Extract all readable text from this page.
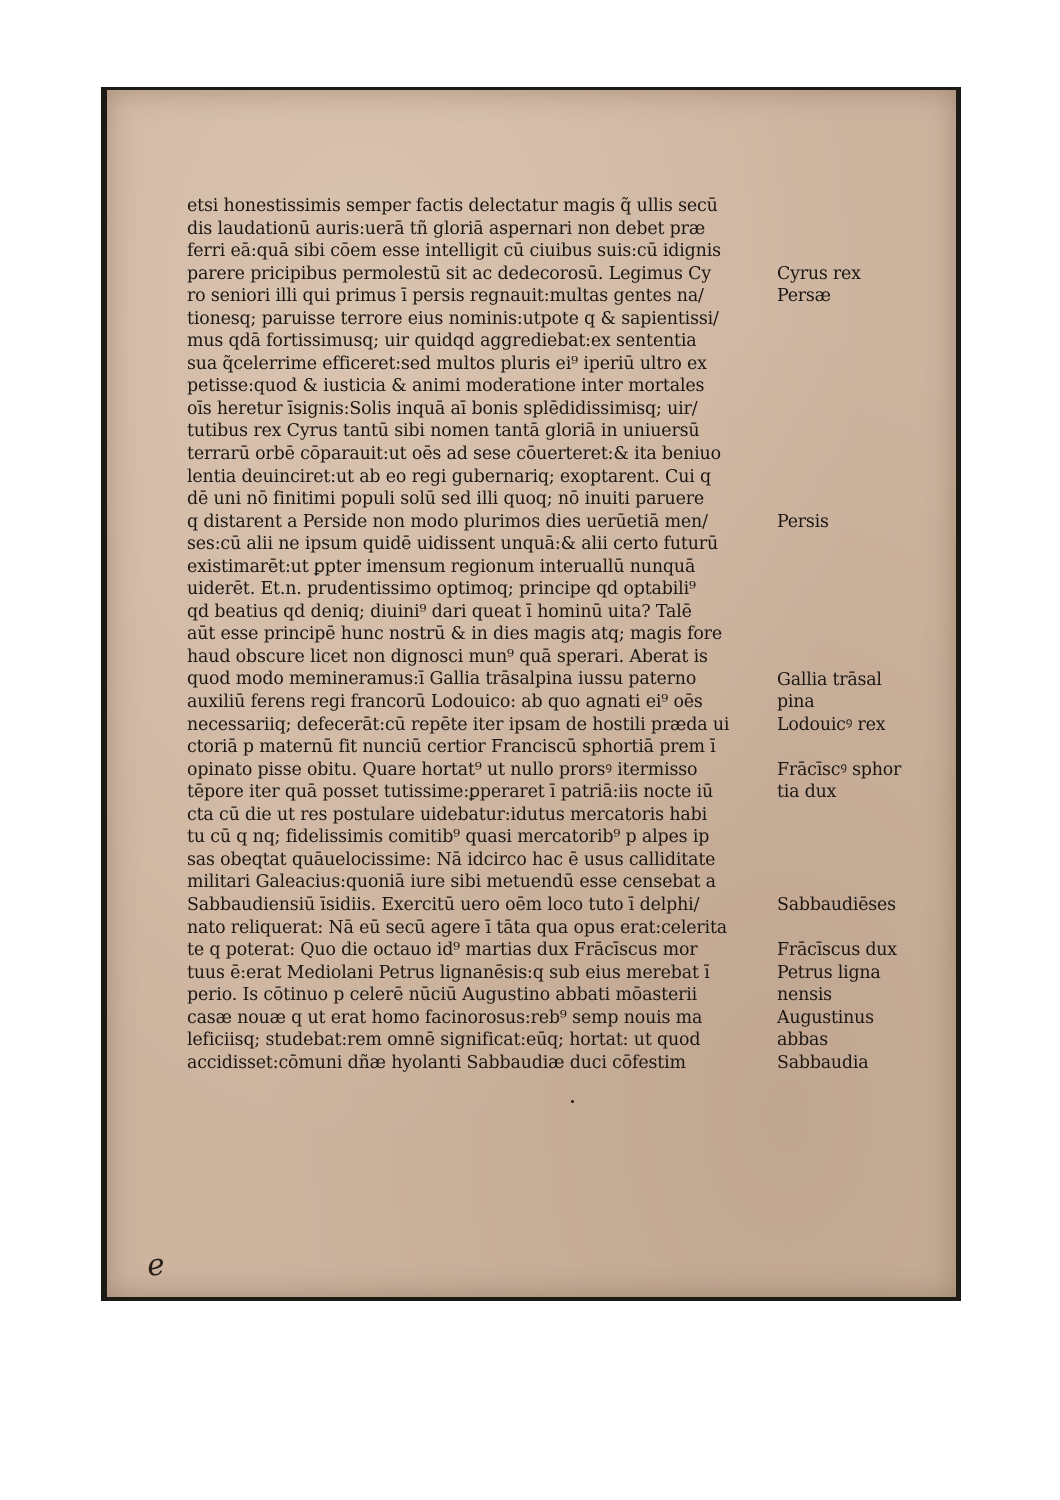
etsi honestissimis semper factis delectatur magis q̃ ullis secū
dis laudationū auris:uerā tñ gloriā aspernari non debet præ
ferri eā:quā sibi cōem esse intelligit cū ciuibus suis:cū idignis
parere pricipibus permolestū sit ac dedecorosū. Legimus Cy
ro seniori illi qui primus ī persis regnauit:multas gentes na/
tionesq; paruisse terrore eius nominis:utpote q & sapientissi/
mus qdā fortissimusq; uir quidqd aggrediebat:ex sententia
sua q̃celerrime efficeret:sed multos pluris ei⁹ iperiū ultro ex
petisse:quod & iusticia & animi moderatione inter mortales
oīs heretur īsignis:Solis inquā aī bonis splēdidissimisq; uir/
tutibus rex Cyrus tantū sibi nomen tantā gloriā in uniuersū
terrarū orbē cōparauit:ut oēs ad sese cōuerteret:& ita beniuo
lentia deuinciret:ut ab eo regi gubernariq; exoptarent. Cui q
dē uni nō finitimi populi solū sed illi quoq; nō inuiti paruere
q distarent a Perside non modo plurimos dies uerūetiā men/
ses:cū alii ne ipsum quidē uidissent unquā:& alii certo futurū
existimarēt:ut ꝑpter imensum regionum interuallū nunquā
uiderēt. Et.n. prudentissimo optimoq; principe qd optabili⁹
qd beatius qd deniq; diuini⁹ dari queat ī hominū uita? Talē
aūt esse principē hunc nostrū & in dies magis atq; magis fore
haud obscure licet non dignosci mun⁹ quā sperari. Aberat is
quod modo memineramus:ī Gallia trāsalpina iussu paterno
auxiliū ferens regi francorū Lodouico: ab quo agnati ei⁹ oēs
necessariiq; defecerāt:cū repēte iter ipsam de hostili præda ui
ctoriā p maternū fit nunciū certior Franciscū sphortiā prem ī
opinato pisse obitu. Quare hortat⁹ ut nullo prorsꝰ itermisso
tēpore iter quā posset tutissime:ꝑperaret ī patriā:iis nocte iū
cta cū die ut res postulare uidebatur:idutus mercatoris habi
tu cū q nq; fidelissimis comitib⁹ quasi mercatorib⁹ p alpes ip
sas obeqtat quāuelocissime: Nā idcirco hac ē usus calliditate
militari Galeacius:quoniā iure sibi metuendū esse censebat a
Sabbaudiensiū īsidiis. Exercitū uero oēm loco tuto ī delphi/
nato reliquerat: Nā eū secū agere ī tāta qua opus erat:celerita
te q poterat: Quo die octauo id⁹ martias dux Frācīscus mor
tuus ē:erat Mediolani Petrus lignanēsis:q sub eius merebat ī
perio. Is cōtinuo p celerē nūciū Augustino abbati mōasterii
casæ nouæ q ut erat homo facinorosus:reb⁹ semp nouis ma
leficiisq; studebat:rem omnē significat:eūq; hortat: ut quod
accidisset:cōmuni dñæ hyolanti Sabbaudiæ duci cōfestim
Cyrus rex
Persæ
Persis
Gallia trāsal
pina
Lodouicꝰ rex
Frācīscꝰ sphor
tia dux
Sabbaudiēses
Frācīscus dux
Petrus ligna
nensis
Augustinus
abbas
Sabbaudia
e
